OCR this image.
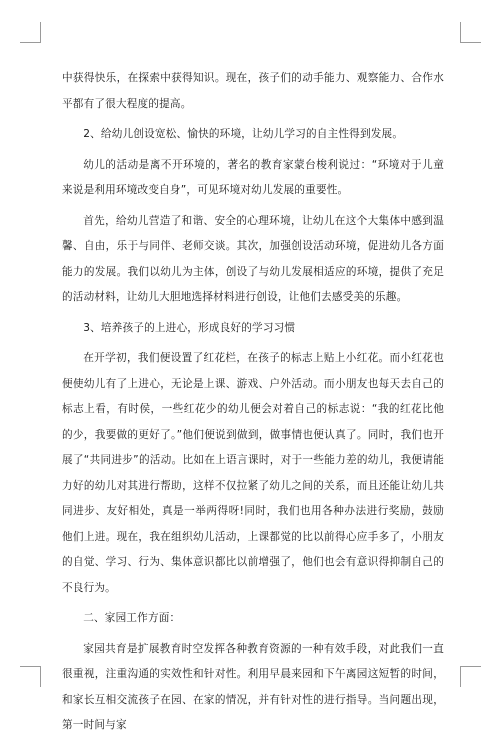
中获得快乐，在探索中获得知识。现在，孩子们的动手能力、观察能力、合作水平都有了很大程度的提高。

2、给幼儿创设宽松、愉快的环境，让幼儿学习的自主性得到发展。

幼儿的活动是离不开环境的，著名的教育家蒙台梭利说过：“环境对于儿童来说是利用环境改变自身”，可见环境对幼儿发展的重要性。

首先，给幼儿营造了和谐、安全的心理环境，让幼儿在这个大集体中感到温馨、自由，乐于与同伴、老师交谈。其次，加强创设活动环境，促进幼儿各方面能力的发展。我们以幼儿为主体，创设了与幼儿发展相适应的环境，提供了充足的活动材料，让幼儿大胆地选择材料进行创设，让他们去感受美的乐趣。

3、培养孩子的上进心，形成良好的学习习惯

在开学初，我们便设置了红花栏，在孩子的标志上贴上小红花。而小红花也便使幼儿有了上进心，无论是上课、游戏、户外活动。而小朋友也每天去自己的标志上看，有时侯，一些红花少的幼儿便会对着自己的标志说：“我的红花比他的少，我要做的更好了。”他们便说到做到，做事情也便认真了。同时，我们也开展了“共同进步”的活动。比如在上语言课时，对于一些能力差的幼儿，我便请能力好的幼儿对其进行帮助，这样不仅拉紧了幼儿之间的关系，而且还能让幼儿共同进步、友好相处，真是一举两得呀!同时，我们也用各种办法进行奖励，鼓励他们上进。现在，我在组织幼儿活动，上课都觉的比以前得心应手多了，小朋友的自觉、学习、行为、集体意识都比以前增强了，他们也会有意识得抑制自己的不良行为。

二、家园工作方面：

家园共育是扩展教育时空发挥各种教育资源的一种有效手段，对此我们一直很重视，注重沟通的实效性和针对性。利用早晨来园和下午离园这短暂的时间，和家长互相交流孩子在园、在家的情况，并有针对性的进行指导。当问题出现，第一时间与家
